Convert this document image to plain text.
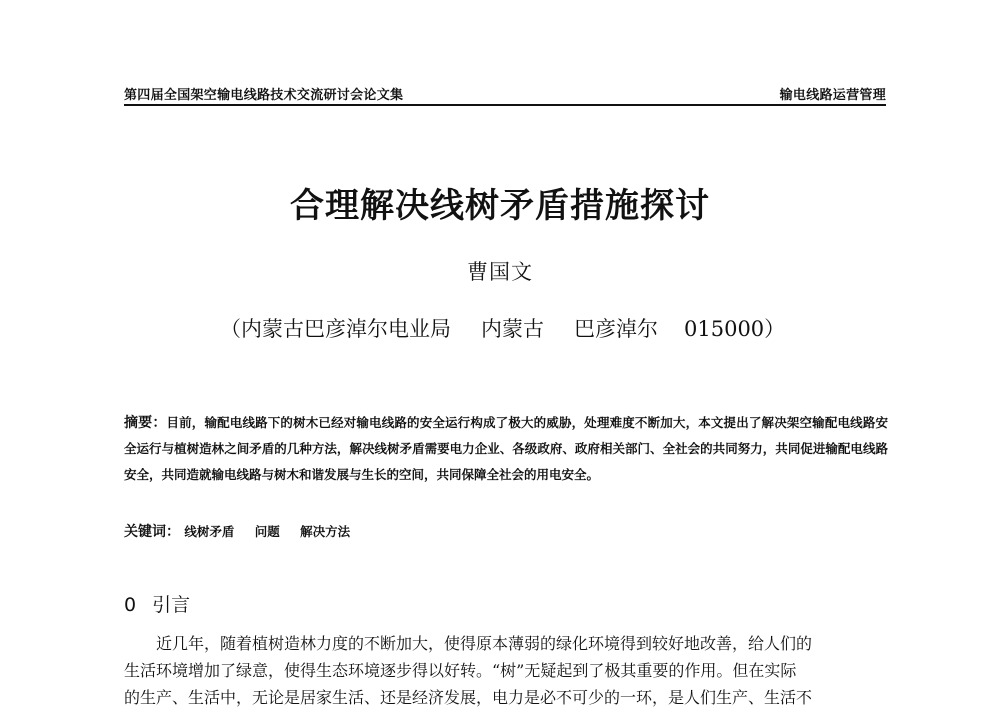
第四届全国架空输电线路技术交流研讨会论文集	输电线路运营管理
合理解决线树矛盾措施探讨
曹国文
（内蒙古巴彦淖尔电业局 内蒙古 巴彦淖尔 015000）
摘要：目前，输配电线路下的树木已经对输电线路的安全运行构成了极大的威胁，处理难度不断加大，本文提出了解决架空输配电线路安全运行与植树造林之间矛盾的几种方法，解决线树矛盾需要电力企业、各级政府、政府相关部门、全社会的共同努力，共同促进输配电线路安全，共同造就输电线路与树木和谐发展与生长的空间，共同保障全社会的用电安全。
关键词： 线树矛盾 问题 解决方法
0 引言
近几年，随着植树造林力度的不断加大，使得原本薄弱的绿化环境得到较好地改善，给人们的
生活环境增加了绿意，使得生态环境逐步得以好转。“树”无疑起到了极其重要的作用。但在实际
的生产、生活中，无论是居家生活、还是经济发展，电力是必不可少的一环，是人们生产、生活不
